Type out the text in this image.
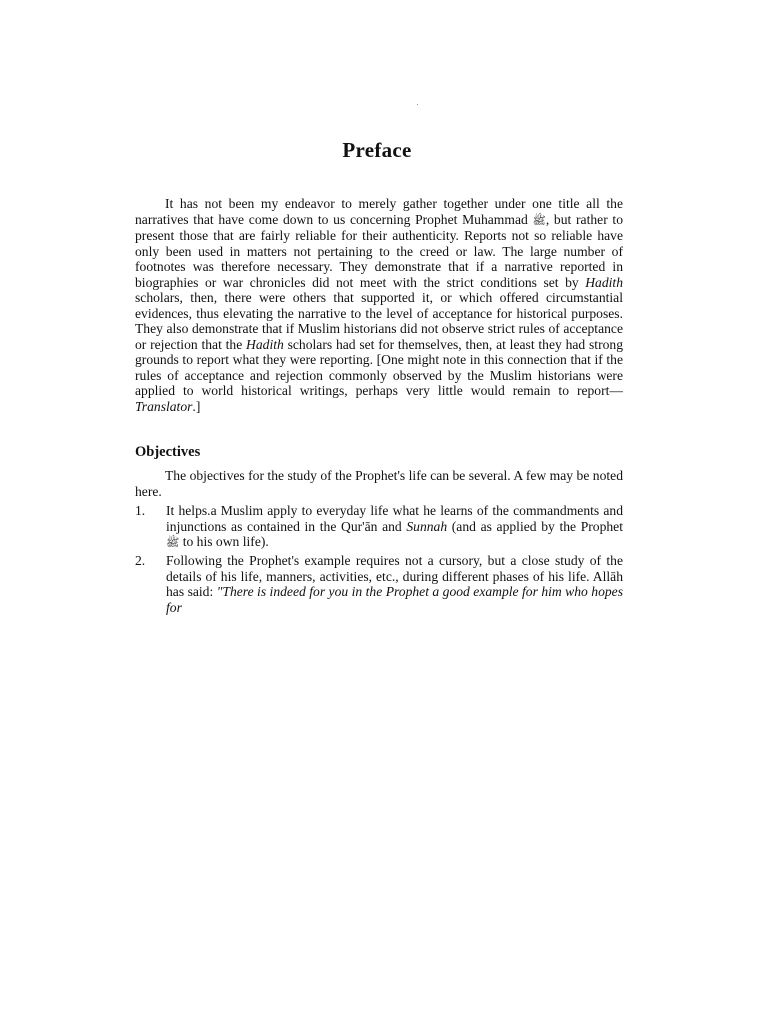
Preface

It has not been my endeavor to merely gather together under one title all the narratives that have come down to us concerning Prophet Muhammad ﷺ, but rather to present those that are fairly reliable for their authenticity. Reports not so reliable have only been used in matters not pertaining to the creed or law. The large number of footnotes was therefore necessary. They demonstrate that if a narrative reported in biographies or war chronicles did not meet with the strict conditions set by Hadith scholars, then, there were others that supported it, or which offered circumstantial evidences, thus elevating the narrative to the level of acceptance for historical purposes. They also demonstrate that if Muslim historians did not observe strict rules of acceptance or rejection that the Hadith scholars had set for themselves, then, at least they had strong grounds to report what they were reporting. [One might note in this connection that if the rules of acceptance and rejection commonly observed by the Muslim historians were applied to world historical writings, perhaps very little would remain to report—Translator.]

Objectives

The objectives for the study of the Prophet's life can be several. A few may be noted here.

1.	It helps.a Muslim apply to everyday life what he learns of the commandments and injunctions as contained in the Qur'ān and Sunnah (and as applied by the Prophet ﷺ to his own life).
2.	Following the Prophet's example requires not a cursory, but a close study of the details of his life, manners, activities, etc., during different phases of his life. Allāh has said: "There is indeed for you in the Prophet a good example for him who hopes for
